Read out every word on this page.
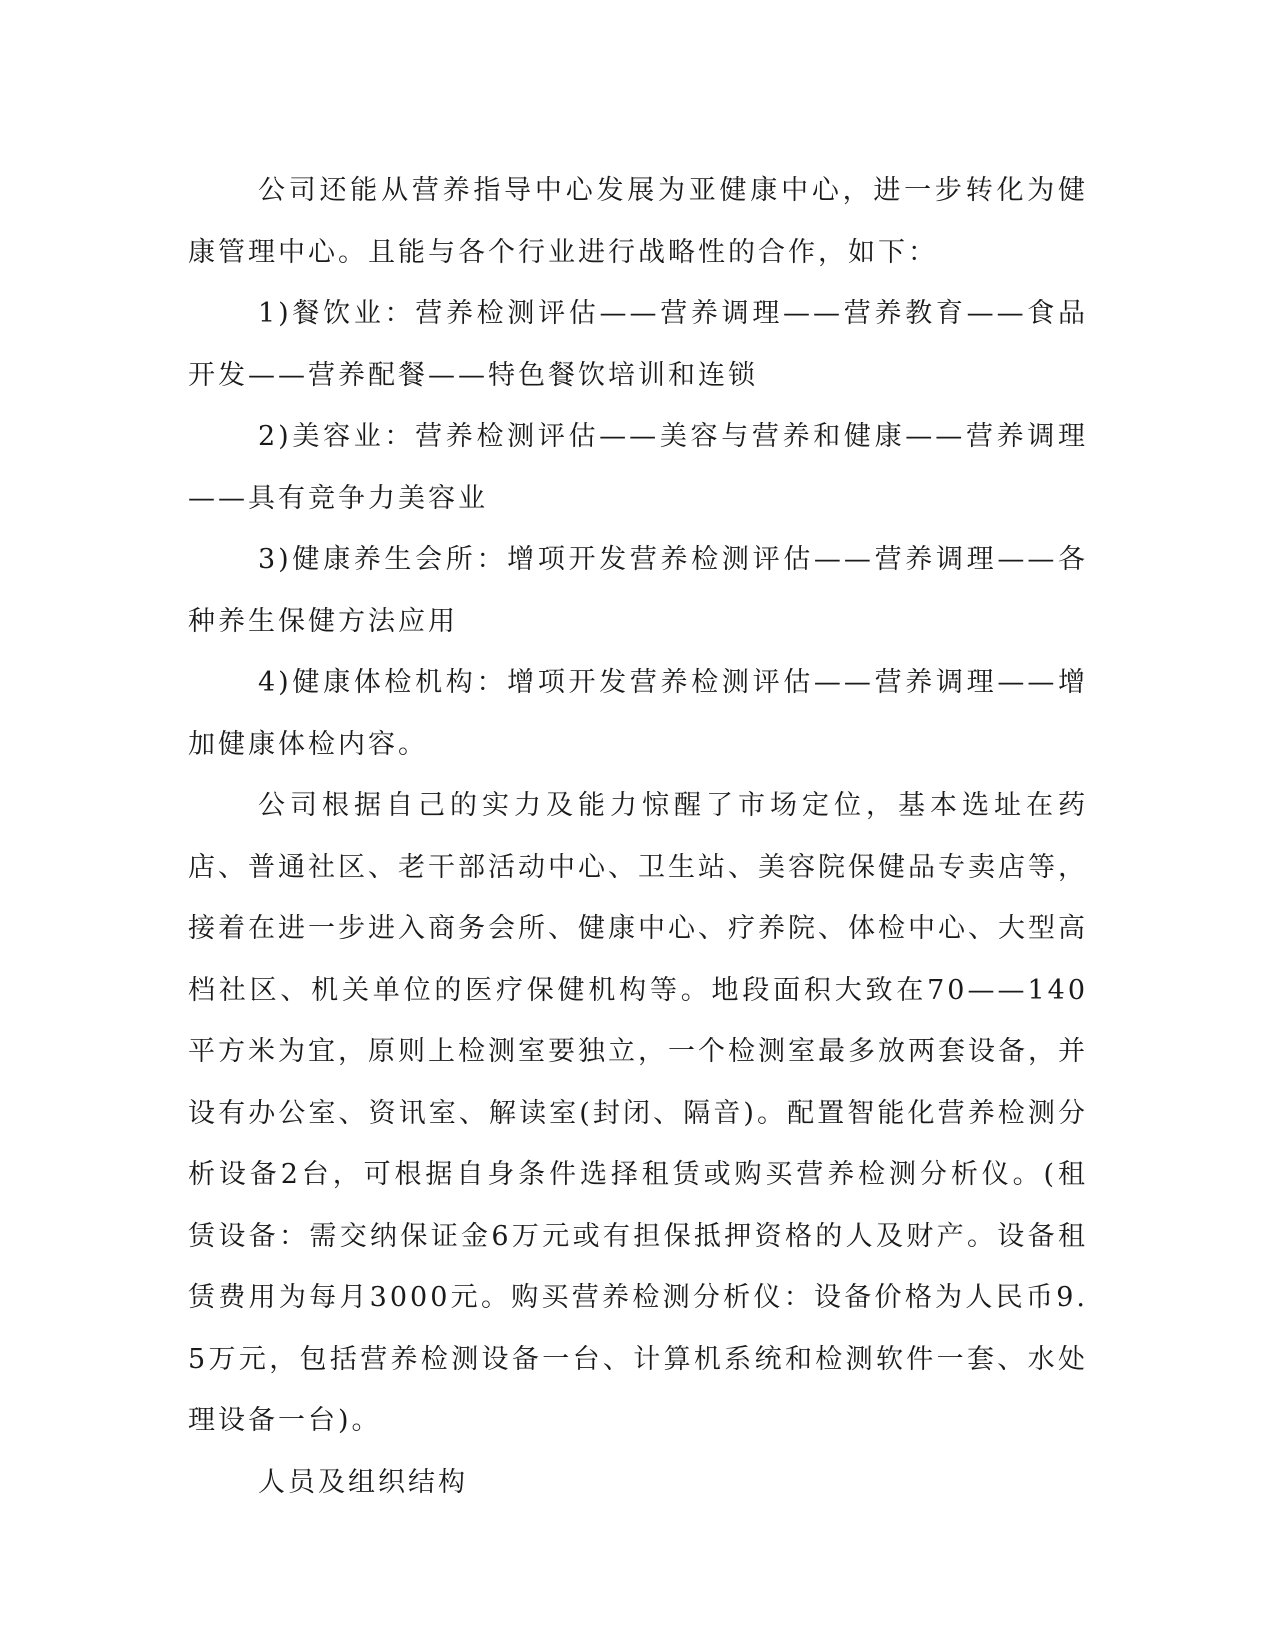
公司还能从营养指导中心发展为亚健康中心，进一步转化为健康管理中心。且能与各个行业进行战略性的合作，如下：

1)餐饮业：营养检测评估——营养调理——营养教育——食品开发——营养配餐——特色餐饮培训和连锁

2)美容业：营养检测评估——美容与营养和健康——营养调理——具有竞争力美容业

3)健康养生会所：增项开发营养检测评估——营养调理——各种养生保健方法应用

4)健康体检机构：增项开发营养检测评估——营养调理——增加健康体检内容。

公司根据自己的实力及能力惊醒了市场定位，基本选址在药店、普通社区、老干部活动中心、卫生站、美容院保健品专卖店等，接着在进一步进入商务会所、健康中心、疗养院、体检中心、大型高档社区、机关单位的医疗保健机构等。地段面积大致在70——140平方米为宜，原则上检测室要独立，一个检测室最多放两套设备，并设有办公室、资讯室、解读室(封闭、隔音)。配置智能化营养检测分析设备2台，可根据自身条件选择租赁或购买营养检测分析仪。(租赁设备：需交纳保证金6万元或有担保抵押资格的人及财产。设备租赁费用为每月3000元。购买营养检测分析仪：设备价格为人民币9.5万元，包括营养检测设备一台、计算机系统和检测软件一套、水处理设备一台)。

人员及组织结构
